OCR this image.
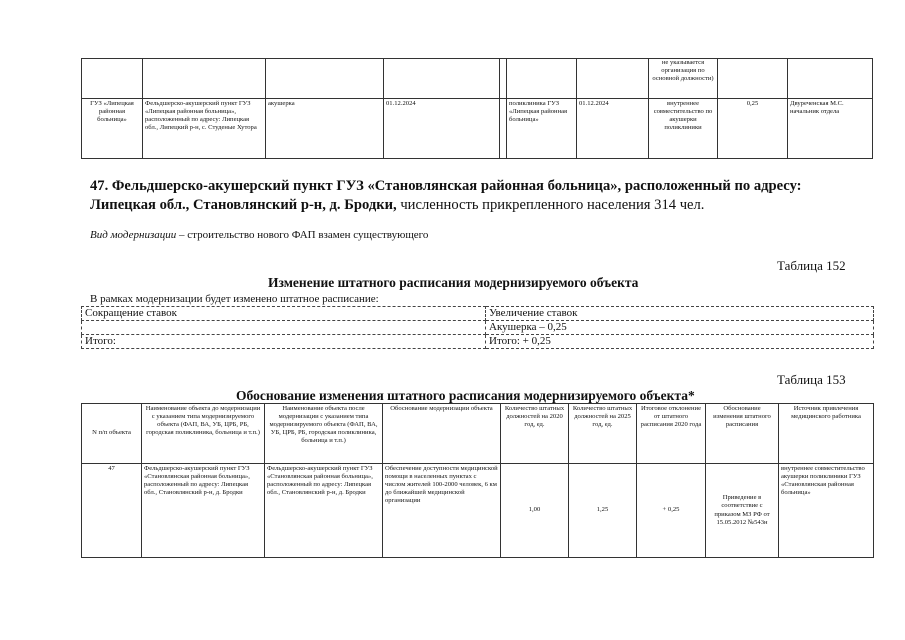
							не указывается организация по основной должности)		
ГУЗ «Липецкая районная больница»	Фельдшерско-акушерский пункт ГУЗ «Липецкая районная больница», расположенный по адресу: Липецкая обл., Липецкий р-н, с. Студеные Хутора	акушерка	01.12.2024		поликлиника ГУЗ «Липецкая районная больница»	01.12.2024	внутреннее совместительство по акушерки поликлиники	0,25	Двуреченская М.С. начальник отдела
47. Фельдшерско-акушерский пункт ГУЗ «Становлянская районная больница», расположенный по адресу: Липецкая обл., Становлянский р-н, д. Бродки, численность прикрепленного населения 314 чел.
Вид модернизации – строительство нового ФАП взамен существующего
Таблица 152
Изменение штатного расписания модернизируемого объекта
В рамках модернизации будет изменено штатное расписание:
Сокращение ставок	Увеличение ставок
	Акушерка – 0,25
Итого:	Итого: + 0,25
Таблица 153
Обоснование изменения штатного расписания модернизируемого объекта*
N п/п объекта	Наименование объекта до модернизации с указанием типа модернизируемого объекта (ФАП, ВА, УБ, ЦРБ, РБ, городская поликлиника, больница и т.п.)	Наименование объекта после модернизации с указанием типа модернизируемого объекта (ФАП, ВА, УБ, ЦРБ, РБ, городская поликлиника, больница и т.п.)	Обоснование модернизации объекта	Количество штатных должностей на 2020 год, ед.	Количество штатных должностей на 2025 год, ед.	Итоговое отклонение от штатного расписания 2020 года	Обоснование изменения штатного расписания	Источник привлечения медицинского работника
47	Фельдшерско-акушерский пункт ГУЗ «Становлянская районная больница», расположенный по адресу: Липецкая обл., Становлянский р-н, д. Бродки	Фельдшерско-акушерский пункт ГУЗ «Становлянская районная больница», расположенный по адресу: Липецкая обл., Становлянский р-н, д. Бродки	Обеспечение доступности медицинской помощи в населенных пунктах с числом жителей 100-2000 человек, 6 км до ближайшей медицинской организации	1,00	1,25	+ 0,25	Приведение в соответствие с приказом МЗ РФ от 15.05.2012 №543н	внутреннее совместительство акушерки поликлиники ГУЗ «Становлянская районная больница»
